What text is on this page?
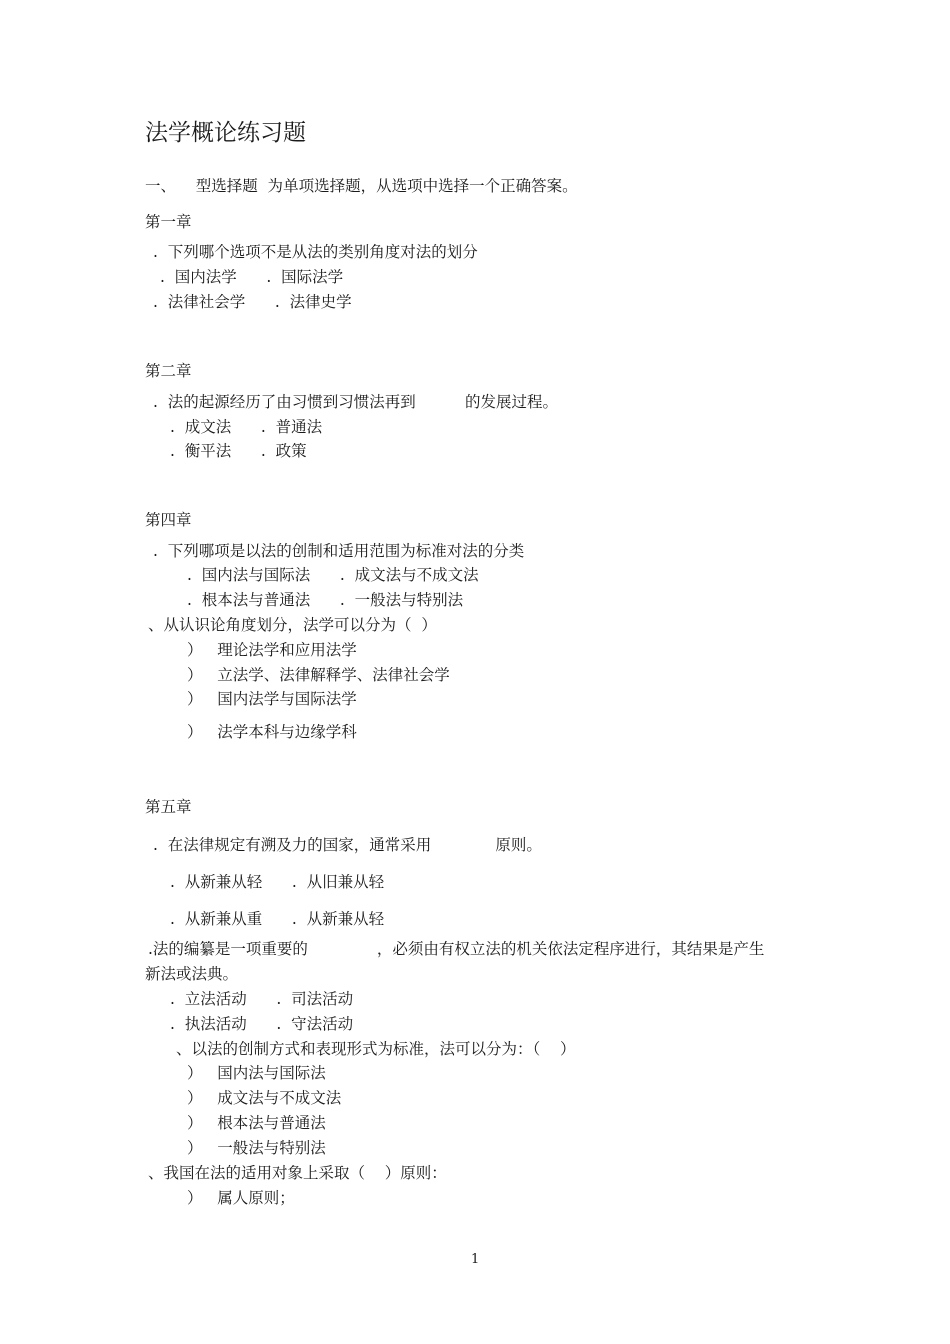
法学概论练习题
一、    型选择题  为单项选择题，从选项中选择一个正确答案。
第一章
.  下列哪个选项不是从法的类别角度对法的划分
.  国内法学      .  国际法学
.  法律社会学      .  法律史学
第二章
.  法的起源经历了由习惯到习惯法再到          的发展过程。
.  成文法      .  普通法
.  衡平法      .  政策
第四章
.  下列哪项是以法的创制和适用范围为标准对法的分类
.  国内法与国际法      .  成文法与不成文法
.  根本法与普通法      .  一般法与特别法
、从认识论角度划分，法学可以分为（  ）
）   理论法学和应用法学
）   立法学、法律解释学、法律社会学
）   国内法学与国际法学
）   法学本科与边缘学科
第五章
.  在法律规定有溯及力的国家，通常采用             原则。
.  从新兼从轻      .  从旧兼从轻
.  从新兼从重      .  从新兼从轻
.法的编纂是一项重要的              ，必须由有权立法的机关依法定程序进行，其结果是产生
新法或法典。
.  立法活动      .  司法活动
.  执法活动      .  守法活动
、以法的创制方式和表现形式为标准，法可以分为：（    ）
）   国内法与国际法
）   成文法与不成文法
）   根本法与普通法
）   一般法与特别法
、我国在法的适用对象上采取（    ）原则：
）   属人原则；
1
